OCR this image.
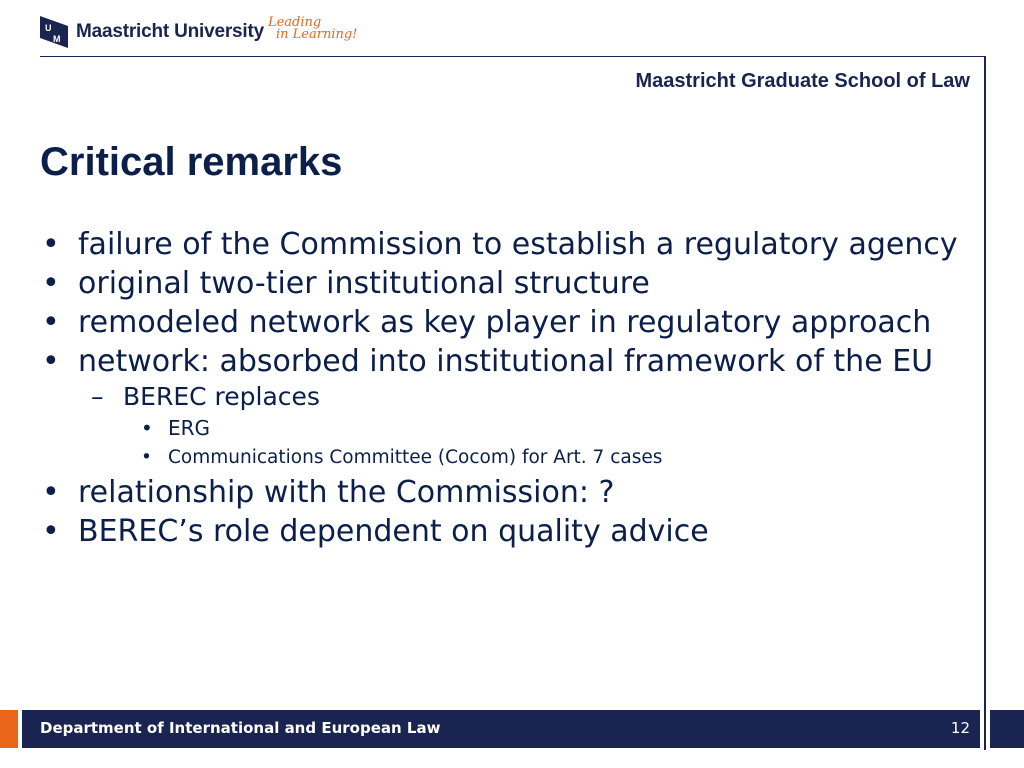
U
M Maastricht University Leading
in Learning!
Maastricht Graduate School of Law
Critical remarks
• failure of the Commission to establish a regulatory agency
• original two-tier institutional structure
• remodeled network as key player in regulatory approach
• network: absorbed into institutional framework of the EU
– BEREC replaces
• ERG
• Communications Committee (Cocom) for Art. 7 cases
• relationship with the Commission: ?
• BEREC’s role dependent on quality advice
Department of International and European Law	12
